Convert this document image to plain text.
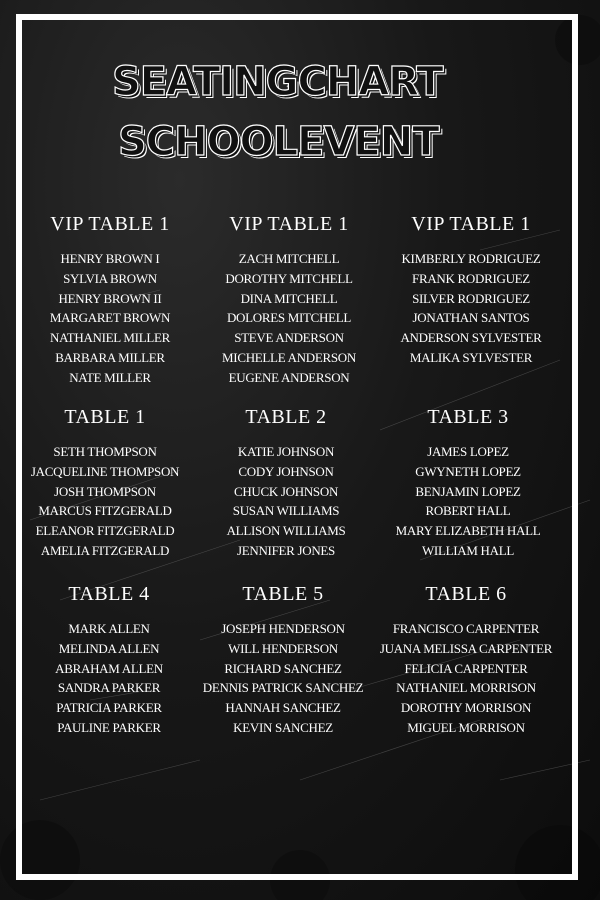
SEATINGCHART
SCHOOLEVENT
VIP TABLE 1
HENRY BROWN I
SYLVIA BROWN
HENRY BROWN II
MARGARET BROWN
NATHANIEL MILLER
BARBARA MILLER
NATE MILLER
VIP TABLE 1
ZACH MITCHELL
DOROTHY MITCHELL
DINA MITCHELL
DOLORES MITCHELL
STEVE ANDERSON
MICHELLE ANDERSON
EUGENE ANDERSON
VIP TABLE 1
KIMBERLY RODRIGUEZ
FRANK RODRIGUEZ
SILVER RODRIGUEZ
JONATHAN SANTOS
ANDERSON SYLVESTER
MALIKA SYLVESTER
TABLE 1
SETH THOMPSON
JACQUELINE THOMPSON
JOSH THOMPSON
MARCUS FITZGERALD
ELEANOR FITZGERALD
AMELIA FITZGERALD
TABLE 2
KATIE JOHNSON
CODY JOHNSON
CHUCK JOHNSON
SUSAN WILLIAMS
ALLISON WILLIAMS
JENNIFER JONES
TABLE 3
JAMES LOPEZ
GWYNETH LOPEZ
BENJAMIN LOPEZ
ROBERT HALL
MARY ELIZABETH HALL
WILLIAM HALL
TABLE 4
MARK ALLEN
MELINDA ALLEN
ABRAHAM ALLEN
SANDRA PARKER
PATRICIA PARKER
PAULINE PARKER
TABLE 5
JOSEPH HENDERSON
WILL HENDERSON
RICHARD SANCHEZ
DENNIS PATRICK SANCHEZ
HANNAH SANCHEZ
KEVIN SANCHEZ
TABLE 6
FRANCISCO CARPENTER
JUANA MELISSA CARPENTER
FELICIA CARPENTER
NATHANIEL MORRISON
DOROTHY MORRISON
MIGUEL MORRISON
